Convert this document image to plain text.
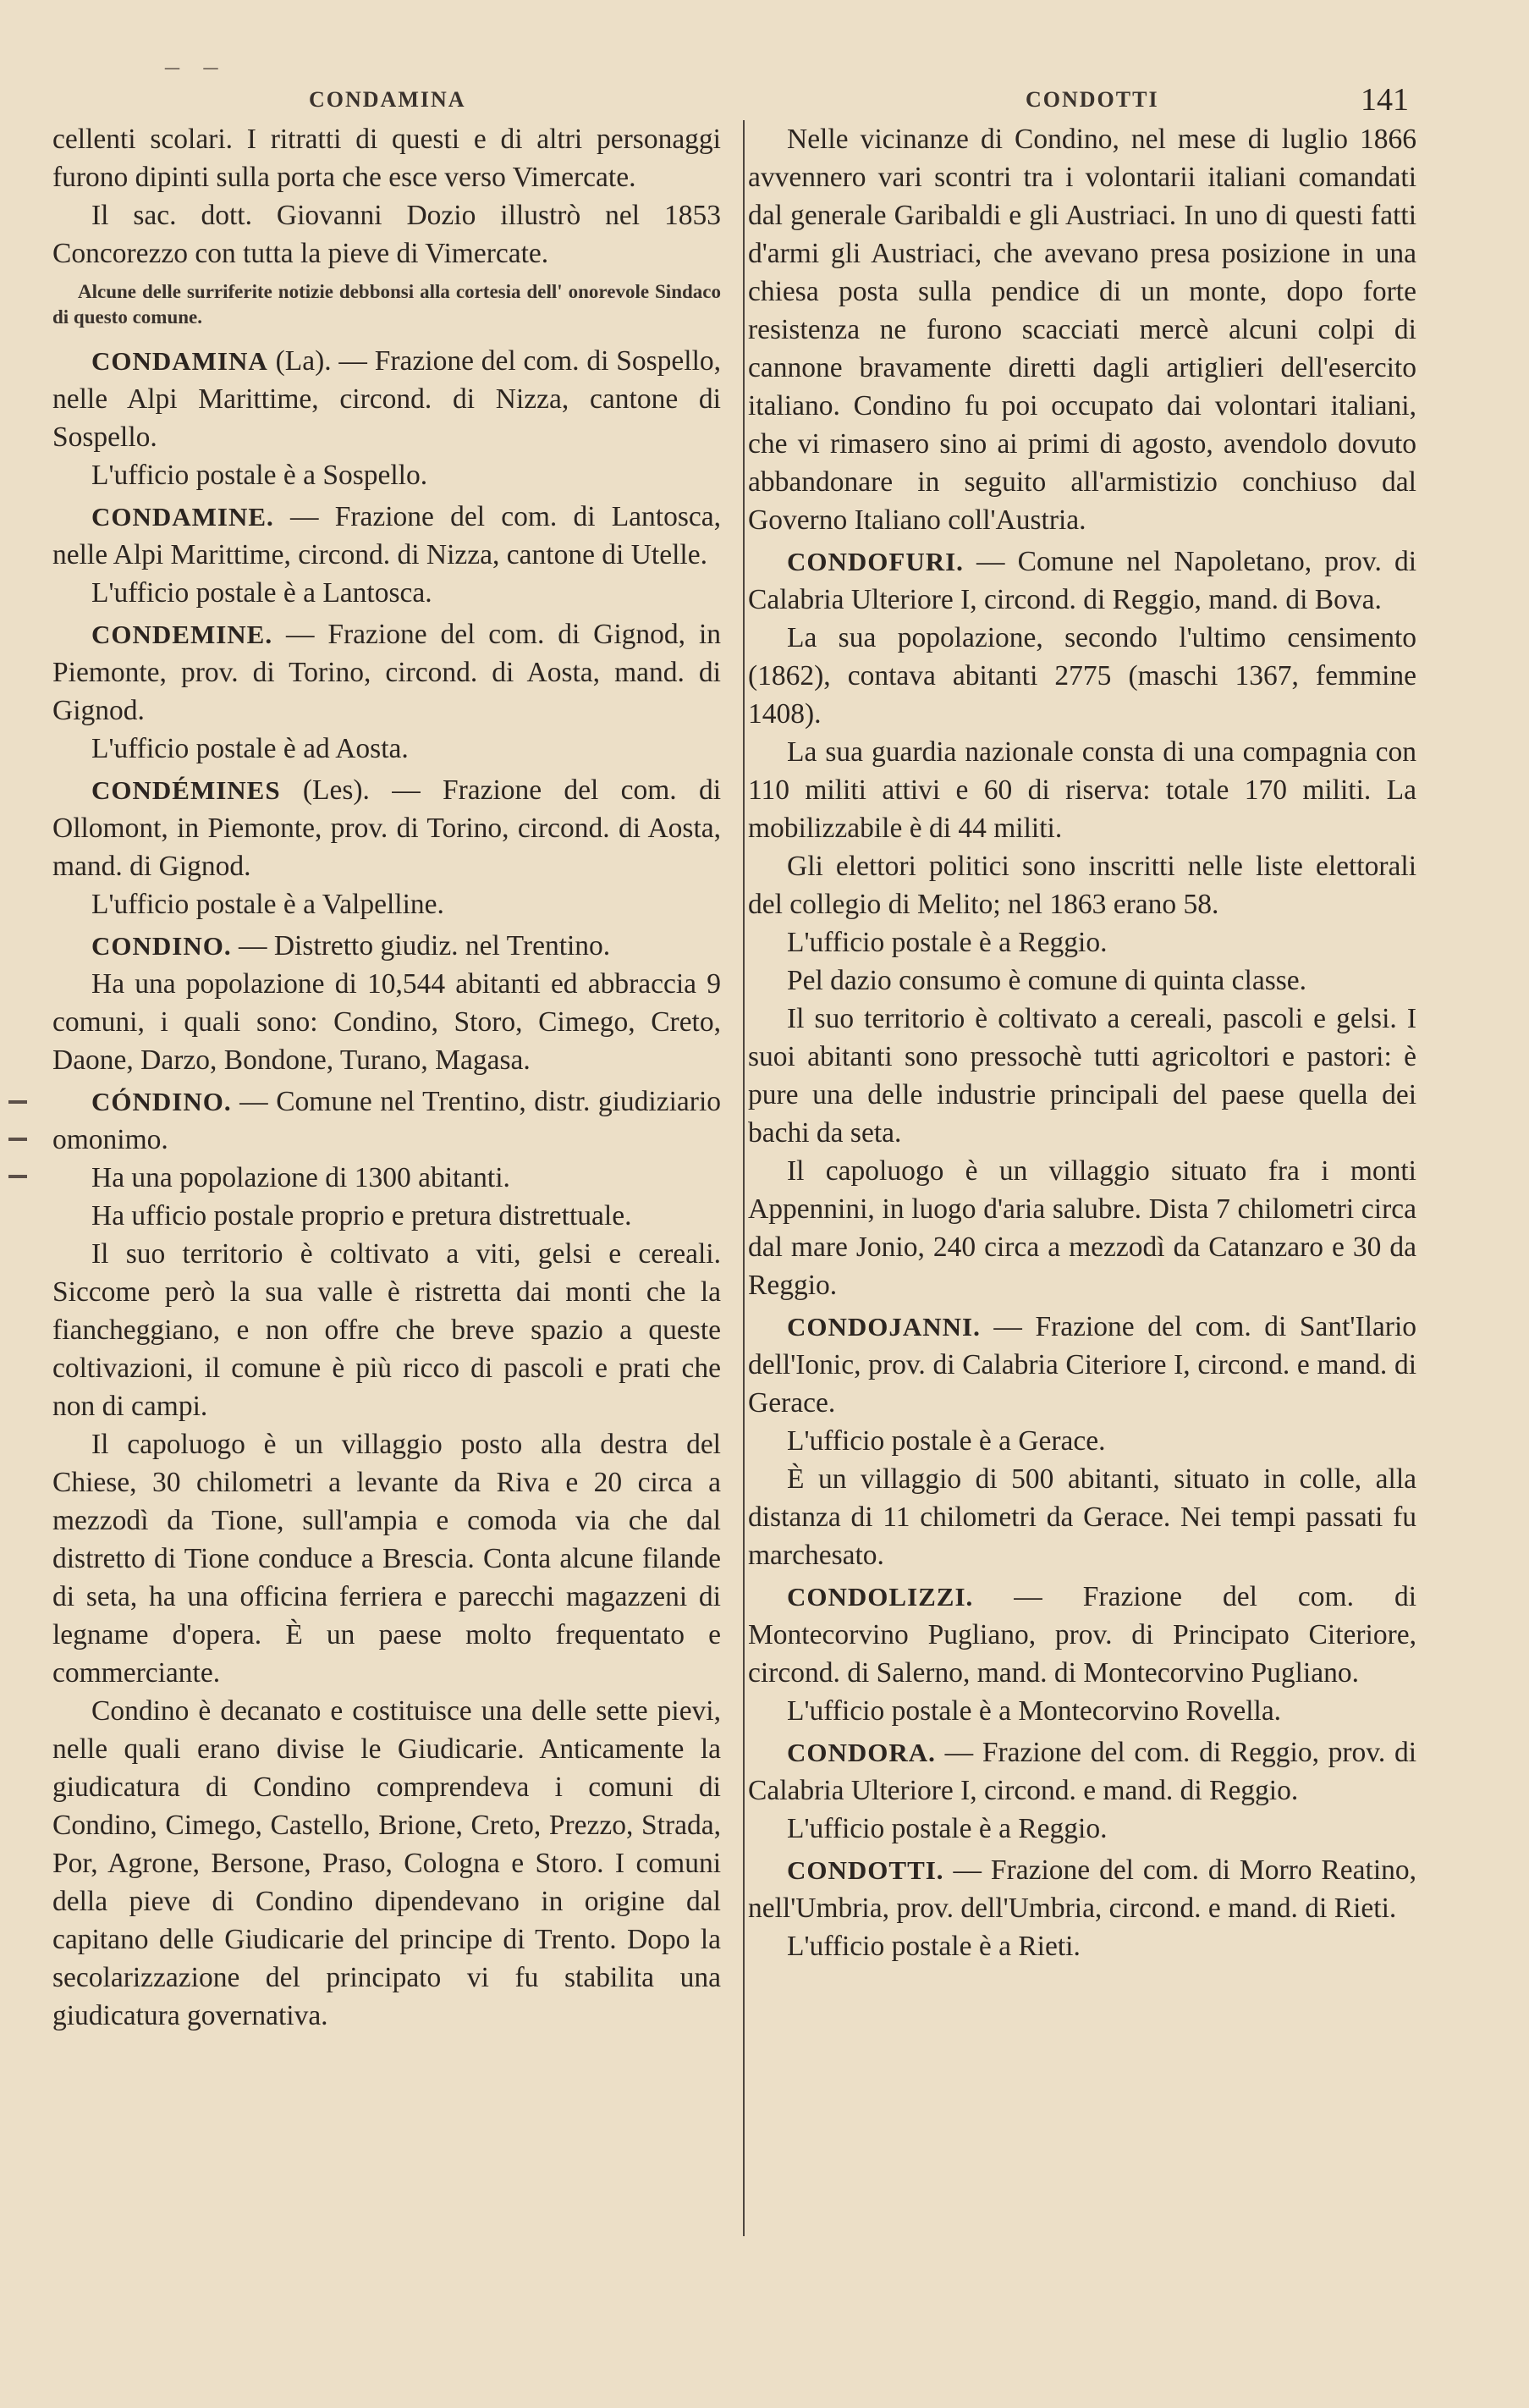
‒ ‒
CONDAMINA	CONDOTTI	141

cellenti scolari. I ritratti di questi e di altri personaggi furono dipinti sulla porta che esce verso Vimercate.

Il sac. dott. Giovanni Dozio illustrò nel 1853 Concorezzo con tutta la pieve di Vimercate.

Alcune delle surriferite notizie debbonsi alla cortesia dell' onorevole Sindaco di questo comune.

CONDAMINA (La). — Frazione del com. di Sospello, nelle Alpi Marittime, circond. di Nizza, cantone di Sospello.

L'ufficio postale è a Sospello.

CONDAMINE. — Frazione del com. di Lantosca, nelle Alpi Marittime, circond. di Nizza, cantone di Utelle.

L'ufficio postale è a Lantosca.

CONDEMINE. — Frazione del com. di Gignod, in Piemonte, prov. di Torino, circond. di Aosta, mand. di Gignod.

L'ufficio postale è ad Aosta.

CONDÉMINES (Les). — Frazione del com. di Ollomont, in Piemonte, prov. di Torino, circond. di Aosta, mand. di Gignod.

L'ufficio postale è a Valpelline.

CONDINO. — Distretto giudiz. nel Trentino.

Ha una popolazione di 10,544 abitanti ed abbraccia 9 comuni, i quali sono: Condino, Storo, Cimego, Creto, Daone, Darzo, Bondone, Turano, Magasa.

CÓNDINO. — Comune nel Trentino, distr. giudiziario omonimo.

Ha una popolazione di 1300 abitanti.

Ha ufficio postale proprio e pretura distrettuale.

Il suo territorio è coltivato a viti, gelsi e cereali. Siccome però la sua valle è ristretta dai monti che la fiancheggiano, e non offre che breve spazio a queste coltivazioni, il comune è più ricco di pascoli e prati che non di campi.

Il capoluogo è un villaggio posto alla destra del Chiese, 30 chilometri a levante da Riva e 20 circa a mezzodì da Tione, sull'ampia e comoda via che dal distretto di Tione conduce a Brescia. Conta alcune filande di seta, ha una officina ferriera e parecchi magazzeni di legname d'opera. È un paese molto frequentato e commerciante.

Condino è decanato e costituisce una delle sette pievi, nelle quali erano divise le Giudicarie. Anticamente la giudicatura di Condino comprendeva i comuni di Condino, Cimego, Castello, Brione, Creto, Prezzo, Strada, Por, Agrone, Bersone, Praso, Cologna e Storo. I comuni della pieve di Condino dipendevano in origine dal capitano delle Giudicarie del principe di Trento. Dopo la secolarizzazione del principato vi fu stabilita una giudicatura governativa.

Nelle vicinanze di Condino, nel mese di luglio 1866 avvennero vari scontri tra i volontarii italiani comandati dal generale Garibaldi e gli Austriaci. In uno di questi fatti d'armi gli Austriaci, che avevano presa posizione in una chiesa posta sulla pendice di un monte, dopo forte resistenza ne furono scacciati mercè alcuni colpi di cannone bravamente diretti dagli artiglieri dell'esercito italiano. Condino fu poi occupato dai volontari italiani, che vi rimasero sino ai primi di agosto, avendolo dovuto abbandonare in seguito all'armistizio conchiuso dal Governo Italiano coll'Austria.

CONDOFURI. — Comune nel Napoletano, prov. di Calabria Ulteriore I, circond. di Reggio, mand. di Bova.

La sua popolazione, secondo l'ultimo censimento (1862), contava abitanti 2775 (maschi 1367, femmine 1408).

La sua guardia nazionale consta di una compagnia con 110 militi attivi e 60 di riserva: totale 170 militi. La mobilizzabile è di 44 militi.

Gli elettori politici sono inscritti nelle liste elettorali del collegio di Melito; nel 1863 erano 58.

L'ufficio postale è a Reggio.

Pel dazio consumo è comune di quinta classe.

Il suo territorio è coltivato a cereali, pascoli e gelsi. I suoi abitanti sono pressochè tutti agricoltori e pastori: è pure una delle industrie principali del paese quella dei bachi da seta.

Il capoluogo è un villaggio situato fra i monti Appennini, in luogo d'aria salubre. Dista 7 chilometri circa dal mare Jonio, 240 circa a mezzodì da Catanzaro e 30 da Reggio.

CONDOJANNI. — Frazione del com. di Sant'Ilario dell'Ionic, prov. di Calabria Citeriore I, circond. e mand. di Gerace.

L'ufficio postale è a Gerace.

È un villaggio di 500 abitanti, situato in colle, alla distanza di 11 chilometri da Gerace. Nei tempi passati fu marchesato.

CONDOLIZZI. — Frazione del com. di Montecorvino Pugliano, prov. di Principato Citeriore, circond. di Salerno, mand. di Montecorvino Pugliano.

L'ufficio postale è a Montecorvino Rovella.

CONDORA. — Frazione del com. di Reggio, prov. di Calabria Ulteriore I, circond. e mand. di Reggio.

L'ufficio postale è a Reggio.

CONDOTTI. — Frazione del com. di Morro Reatino, nell'Umbria, prov. dell'Umbria, circond. e mand. di Rieti.

L'ufficio postale è a Rieti.
